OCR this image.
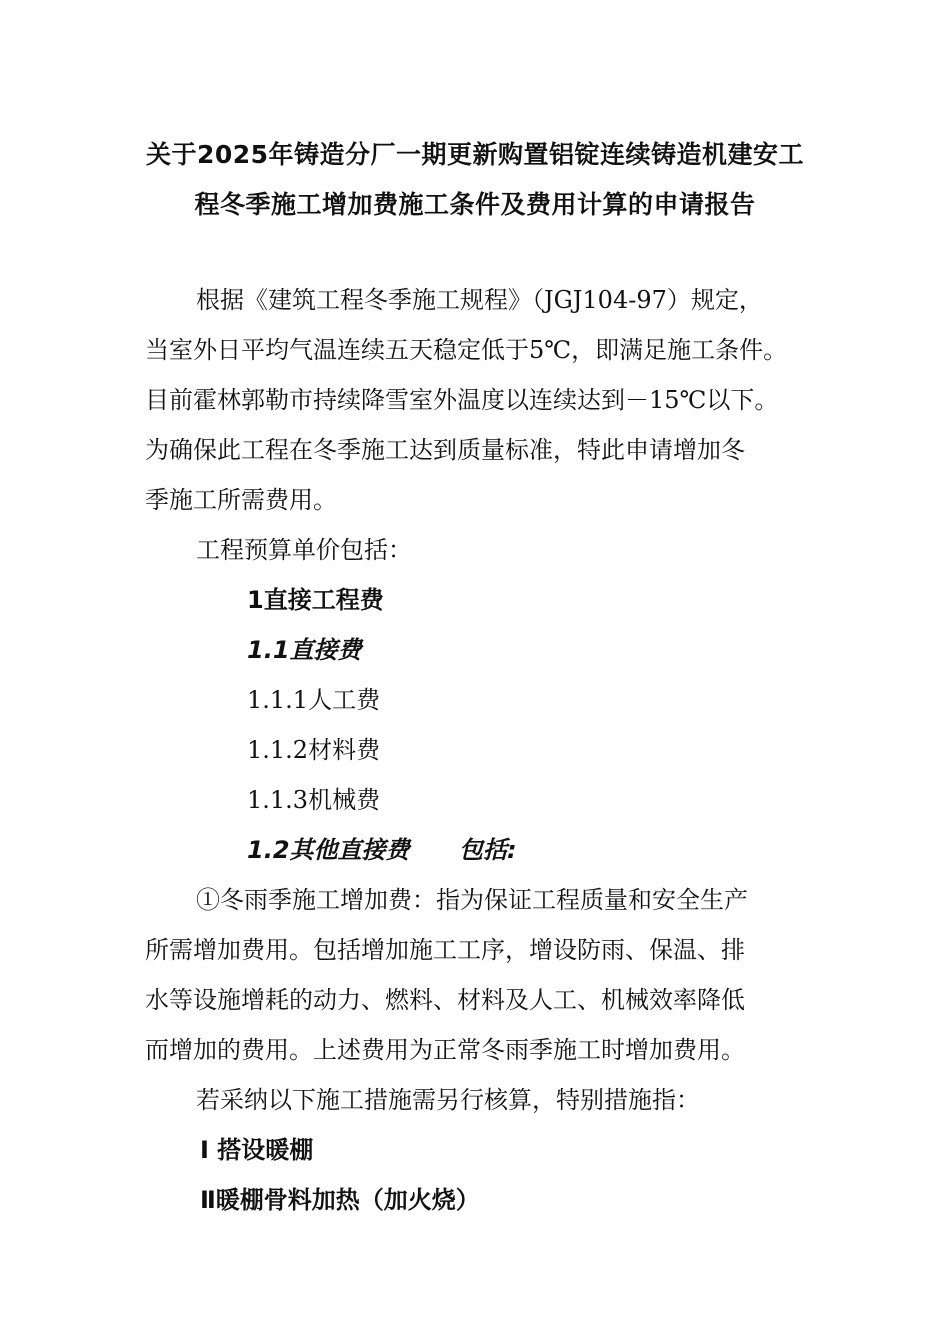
关于2025年铸造分厂一期更新购置铝锭连续铸造机建安工
程冬季施工增加费施工条件及费用计算的申请报告
根据《建筑工程冬季施工规程》（JGJ104-97）规定，
当室外日平均气温连续五天稳定低于5℃，即满足施工条件。
目前霍林郭勒市持续降雪室外温度以连续达到－15℃以下。
为确保此工程在冬季施工达到质量标准，特此申请增加冬
季施工所需费用。
工程预算单价包括：
1直接工程费
1.1直接费
1.1.1人工费
1.1.2材料费
1.1.3机械费
1.2其他直接费 包括:
①冬雨季施工增加费：指为保证工程质量和安全生产
所需增加费用。包括增加施工工序，增设防雨、保温、排
水等设施增耗的动力、燃料、材料及人工、机械效率降低
而增加的费用。上述费用为正常冬雨季施工时增加费用。
若采纳以下施工措施需另行核算，特别措施指：
Ⅰ 搭设暖棚
Ⅱ暖棚骨料加热（加火烧）
